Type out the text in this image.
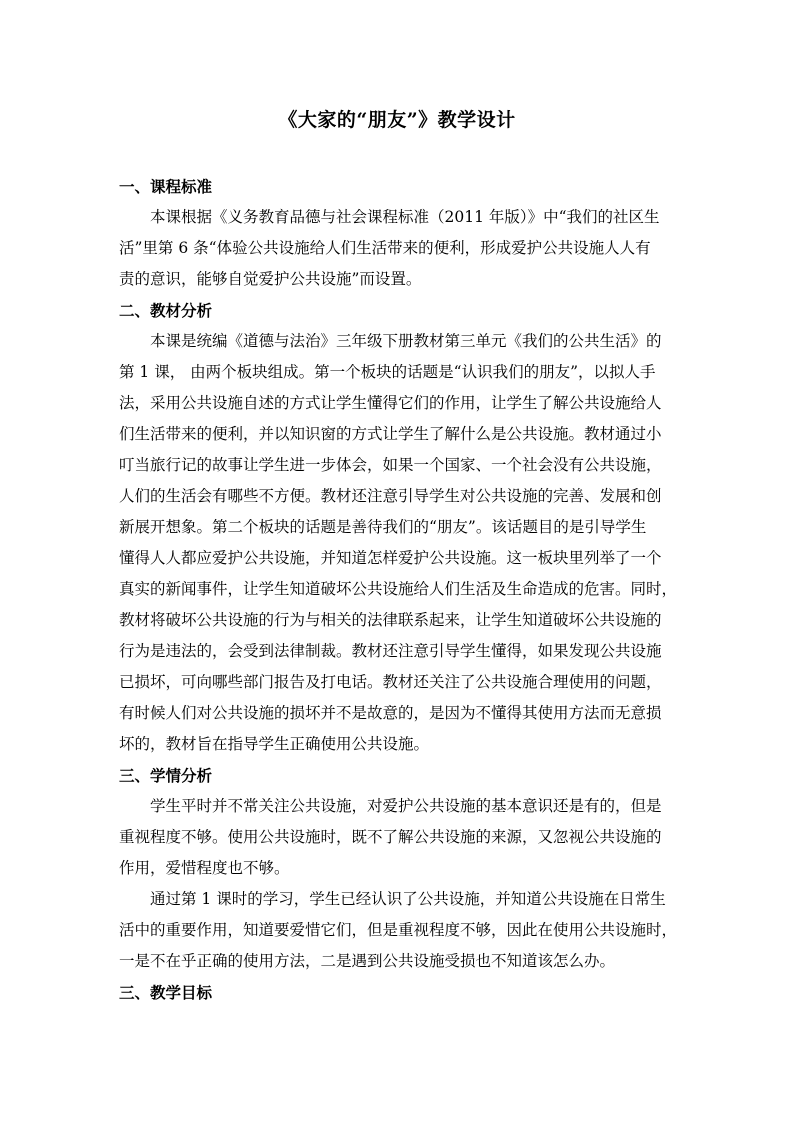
《大家的“朋友”》教学设计
一、课程标准
本课根据《义务教育品德与社会课程标准（2011 年版）》中“我们的社区生
活”里第 6 条“体验公共设施给人们生活带来的便利，形成爱护公共设施人人有
责的意识，能够自觉爱护公共设施”而设置。
二、教材分析
本课是统编《道德与法治》三年级下册教材第三单元《我们的公共生活》的
第 1 课， 由两个板块组成。第一个板块的话题是“认识我们的朋友”，以拟人手
法，采用公共设施自述的方式让学生懂得它们的作用，让学生了解公共设施给人
们生活带来的便利，并以知识窗的方式让学生了解什么是公共设施。教材通过小
叮当旅行记的故事让学生进一步体会，如果一个国家、一个社会没有公共设施，
人们的生活会有哪些不方便。教材还注意引导学生对公共设施的完善、发展和创
新展开想象。第二个板块的话题是善待我们的“朋友”。该话题目的是引导学生
懂得人人都应爱护公共设施，并知道怎样爱护公共设施。这一板块里列举了一个
真实的新闻事件，让学生知道破坏公共设施给人们生活及生命造成的危害。同时，
教材将破坏公共设施的行为与相关的法律联系起来，让学生知道破坏公共设施的
行为是违法的，会受到法律制裁。教材还注意引导学生懂得，如果发现公共设施
已损坏，可向哪些部门报告及打电话。教材还关注了公共设施合理使用的问题，
有时候人们对公共设施的损坏并不是故意的，是因为不懂得其使用方法而无意损
坏的，教材旨在指导学生正确使用公共设施。
三、学情分析
学生平时并不常关注公共设施，对爱护公共设施的基本意识还是有的，但是
重视程度不够。使用公共设施时，既不了解公共设施的来源，又忽视公共设施的
作用，爱惜程度也不够。
通过第 1 课时的学习，学生已经认识了公共设施，并知道公共设施在日常生
活中的重要作用，知道要爱惜它们，但是重视程度不够，因此在使用公共设施时，
一是不在乎正确的使用方法，二是遇到公共设施受损也不知道该怎么办。
三、教学目标
